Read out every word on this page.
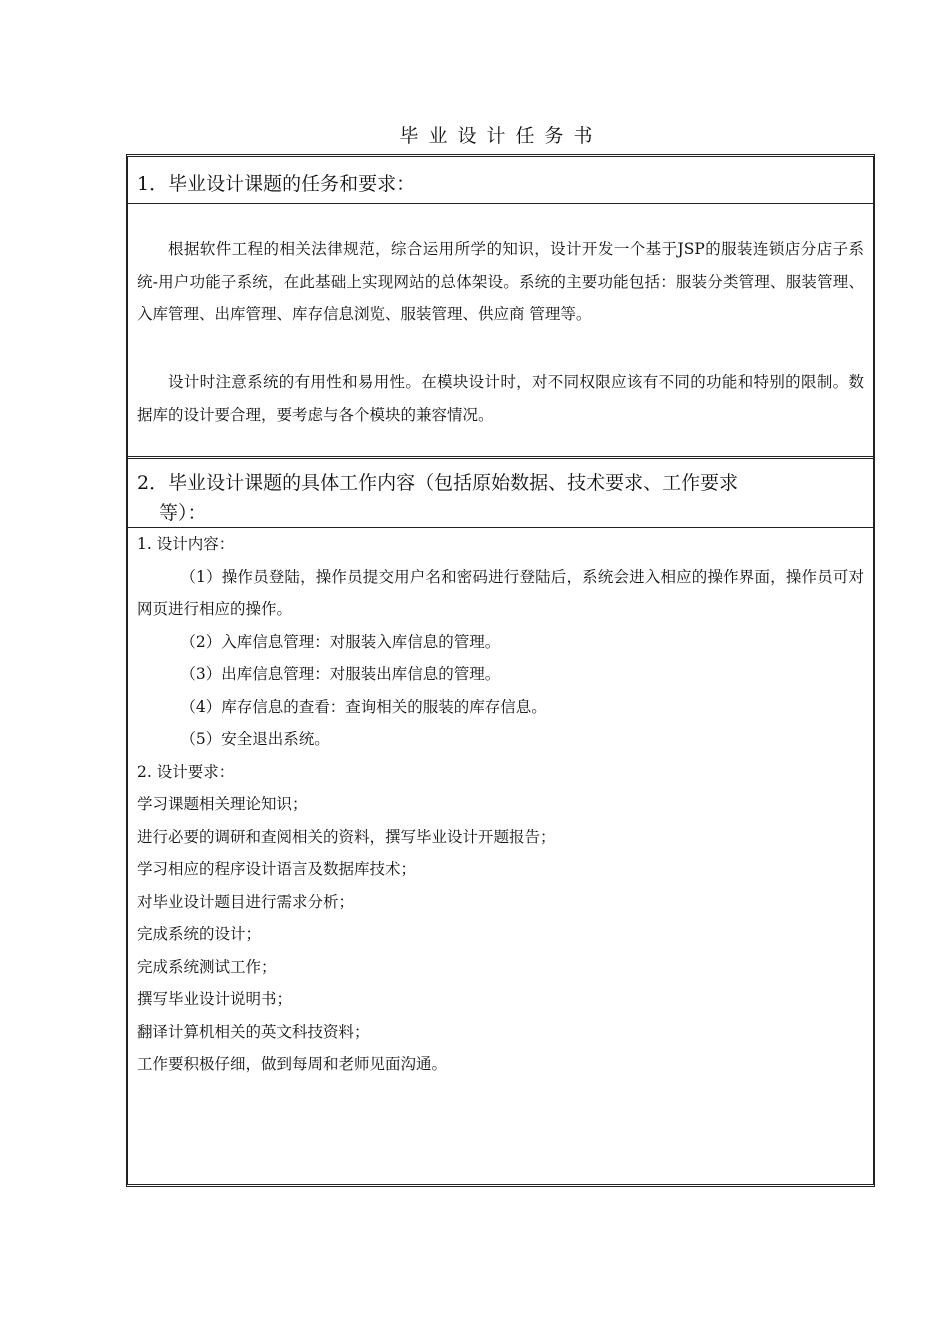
毕业设计任务书
1．毕业设计课题的任务和要求：
根据软件工程的相关法律规范，综合运用所学的知识，设计开发一个基于JSP的服装连锁店分店子系统-用户功能子系统，在此基础上实现网站的总体架设。系统的主要功能包括：服装分类管理、服装管理、入库管理、出库管理、库存信息浏览、服装管理、供应商 管理等。
设计时注意系统的有用性和易用性。在模块设计时，对不同权限应该有不同的功能和特别的限制。数据库的设计要合理，要考虑与各个模块的兼容情况。
2．毕业设计课题的具体工作内容（包括原始数据、技术要求、工作要求
等）：
1. 设计内容：
（1）操作员登陆，操作员提交用户名和密码进行登陆后，系统会进入相应的操作界面，操作员可对网页进行相应的操作。
（2）入库信息管理：对服装入库信息的管理。
（3）出库信息管理：对服装出库信息的管理。
（4）库存信息的查看：查询相关的服装的库存信息。
（5）安全退出系统。
2. 设计要求：
学习课题相关理论知识；
进行必要的调研和查阅相关的资料，撰写毕业设计开题报告；
学习相应的程序设计语言及数据库技术；
对毕业设计题目进行需求分析；
完成系统的设计；
完成系统测试工作；
撰写毕业设计说明书；
翻译计算机相关的英文科技资料；
工作要积极仔细，做到每周和老师见面沟通。
